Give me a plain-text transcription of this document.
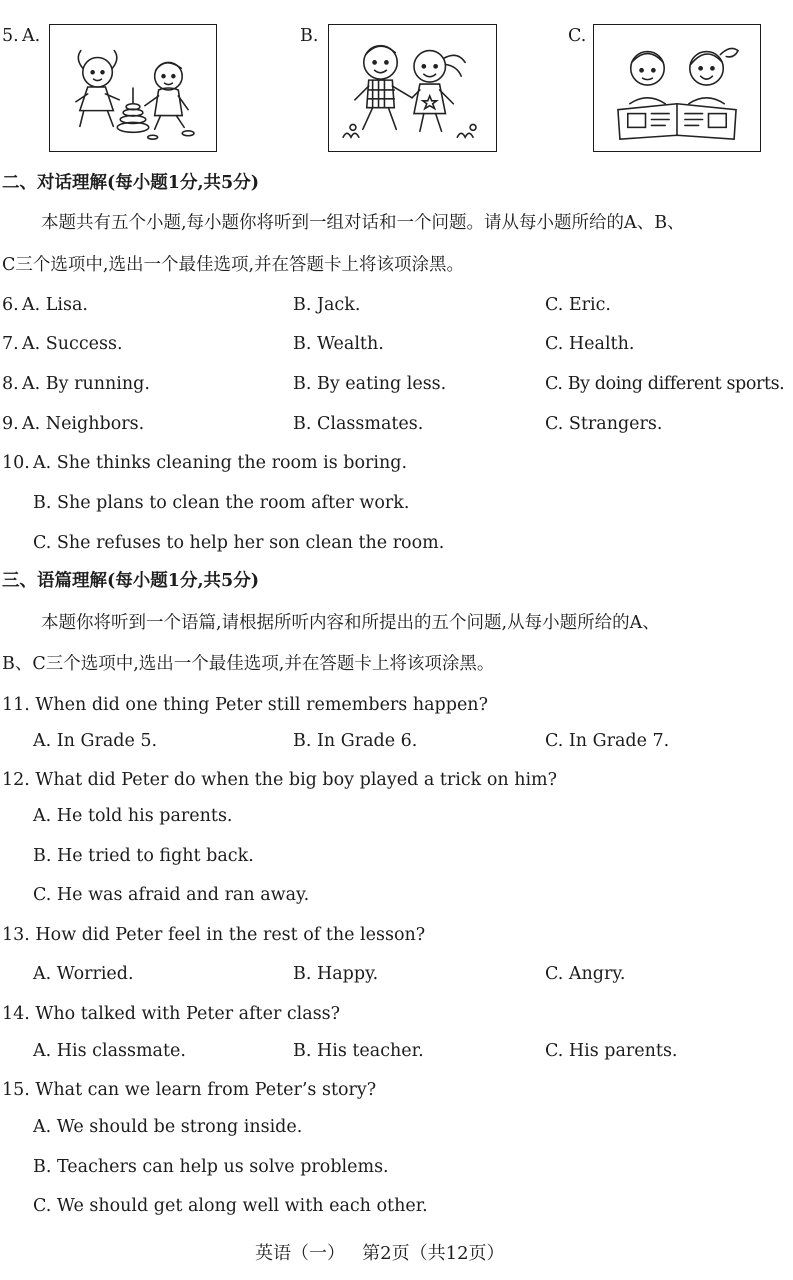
5. A.	B.	C.
二、对话理解(每小题1分,共5分)
本题共有五个小题,每小题你将听到一组对话和一个问题。请从每小题所给的A、B、
C三个选项中,选出一个最佳选项,并在答题卡上将该项涂黑。
6. A. Lisa.	B. Jack.	C. Eric.
7. A. Success.	B. Wealth.	C. Health.
8. A. By running.	B. By eating less.	C. By doing different sports.
9. A. Neighbors.	B. Classmates.	C. Strangers.
10. A. She thinks cleaning the room is boring.
B. She plans to clean the room after work.
C. She refuses to help her son clean the room.
三、语篇理解(每小题1分,共5分)
本题你将听到一个语篇,请根据所听内容和所提出的五个问题,从每小题所给的A、
B、C三个选项中,选出一个最佳选项,并在答题卡上将该项涂黑。
11. When did one thing Peter still remembers happen?
A. In Grade 5.	B. In Grade 6.	C. In Grade 7.
12. What did Peter do when the big boy played a trick on him?
A. He told his parents.
B. He tried to fight back.
C. He was afraid and ran away.
13. How did Peter feel in the rest of the lesson?
A. Worried.	B. Happy.	C. Angry.
14. Who talked with Peter after class?
A. His classmate.	B. His teacher.	C. His parents.
15. What can we learn from Peter’s story?
A. We should be strong inside.
B. Teachers can help us solve problems.
C. We should get along well with each other.
英语（一）   第2页（共12页）
